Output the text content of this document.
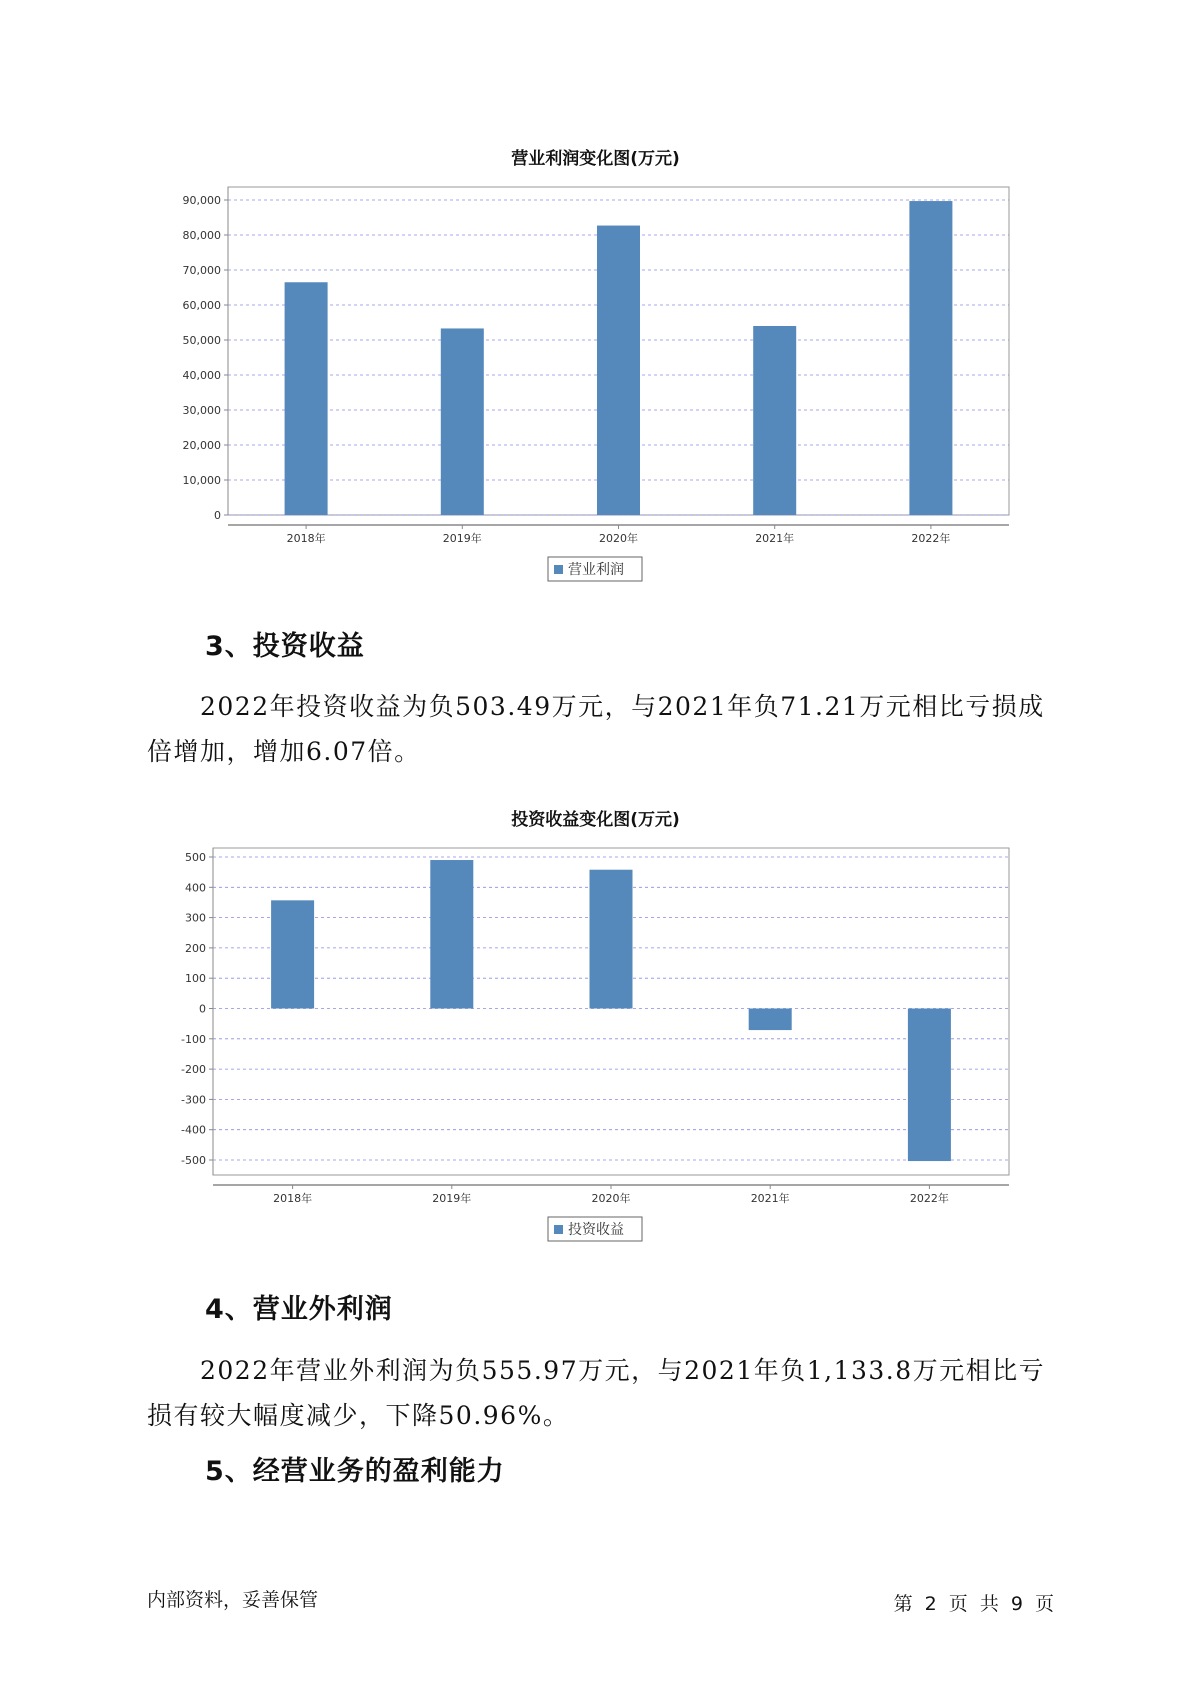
营业利润变化图(万元)
0
10,000
20,000
30,000
40,000
50,000
60,000
70,000
80,000
90,000
2018年	2019年	2020年	2021年	2022年
营业利润
3、投资收益
2022年投资收益为负503.49万元，与2021年负71.21万元相比亏损成倍增加，增加6.07倍。
投资收益变化图(万元)
-500
-400
-300
-200
-100
0
100
200
300
400
500
2018年	2019年	2020年	2021年	2022年
投资收益
4、营业外利润
2022年营业外利润为负555.97万元，与2021年负1,133.8万元相比亏损有较大幅度减少，下降50.96%。
5、经营业务的盈利能力
内部资料，妥善保管	第 2 页 共 9 页
